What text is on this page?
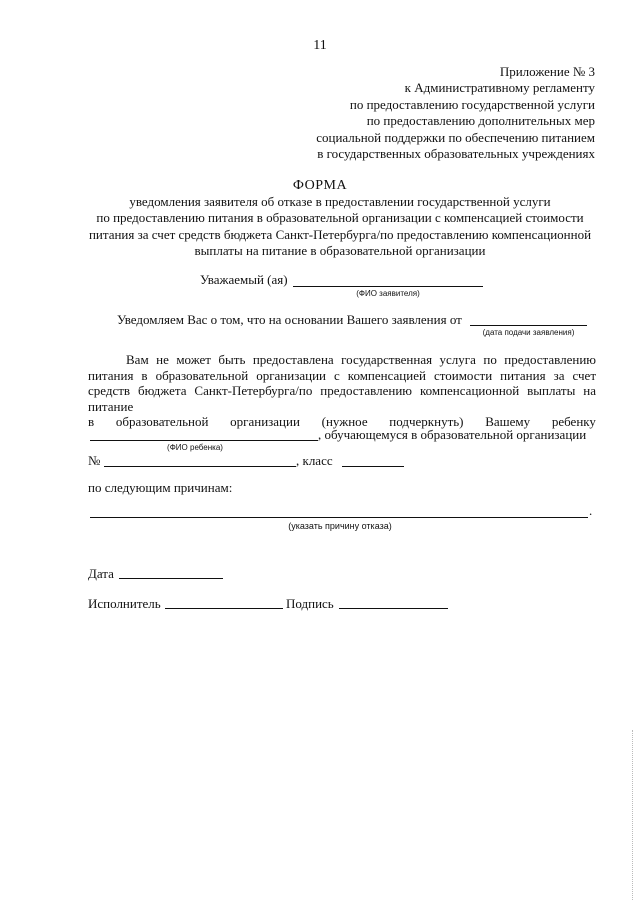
11
Приложение № 3
к Административному регламенту
по предоставлению государственной услуги
по предоставлению дополнительных мер
социальной поддержки по обеспечению питанием
в государственных образовательных учреждениях
ФОРМА
уведомления заявителя об отказе в предоставлении государственной услуги
по предоставлению питания в образовательной организации с компенсацией стоимости
питания за счет средств бюджета Санкт-Петербурга/по предоставлению компенсационной
выплаты на питание в образовательной организации
Уважаемый (ая)
(ФИО заявителя)
Уведомляем Вас о том, что на основании Вашего заявления от
(дата подачи заявления)
Вам не может быть предоставлена государственная услуга по предоставлению
питания в образовательной организации с компенсацией стоимости питания за счет
средств бюджета Санкт-Петербурга/по предоставлению компенсационной выплаты на
питание
в образовательной организации (нужное подчеркнуть) Вашему ребенку
, обучающемуся в образовательной организации
(ФИО ребенка)
№	, класс
по следующим причинам:
.
(указать причину отказа)
Дата
Исполнитель	Подпись
